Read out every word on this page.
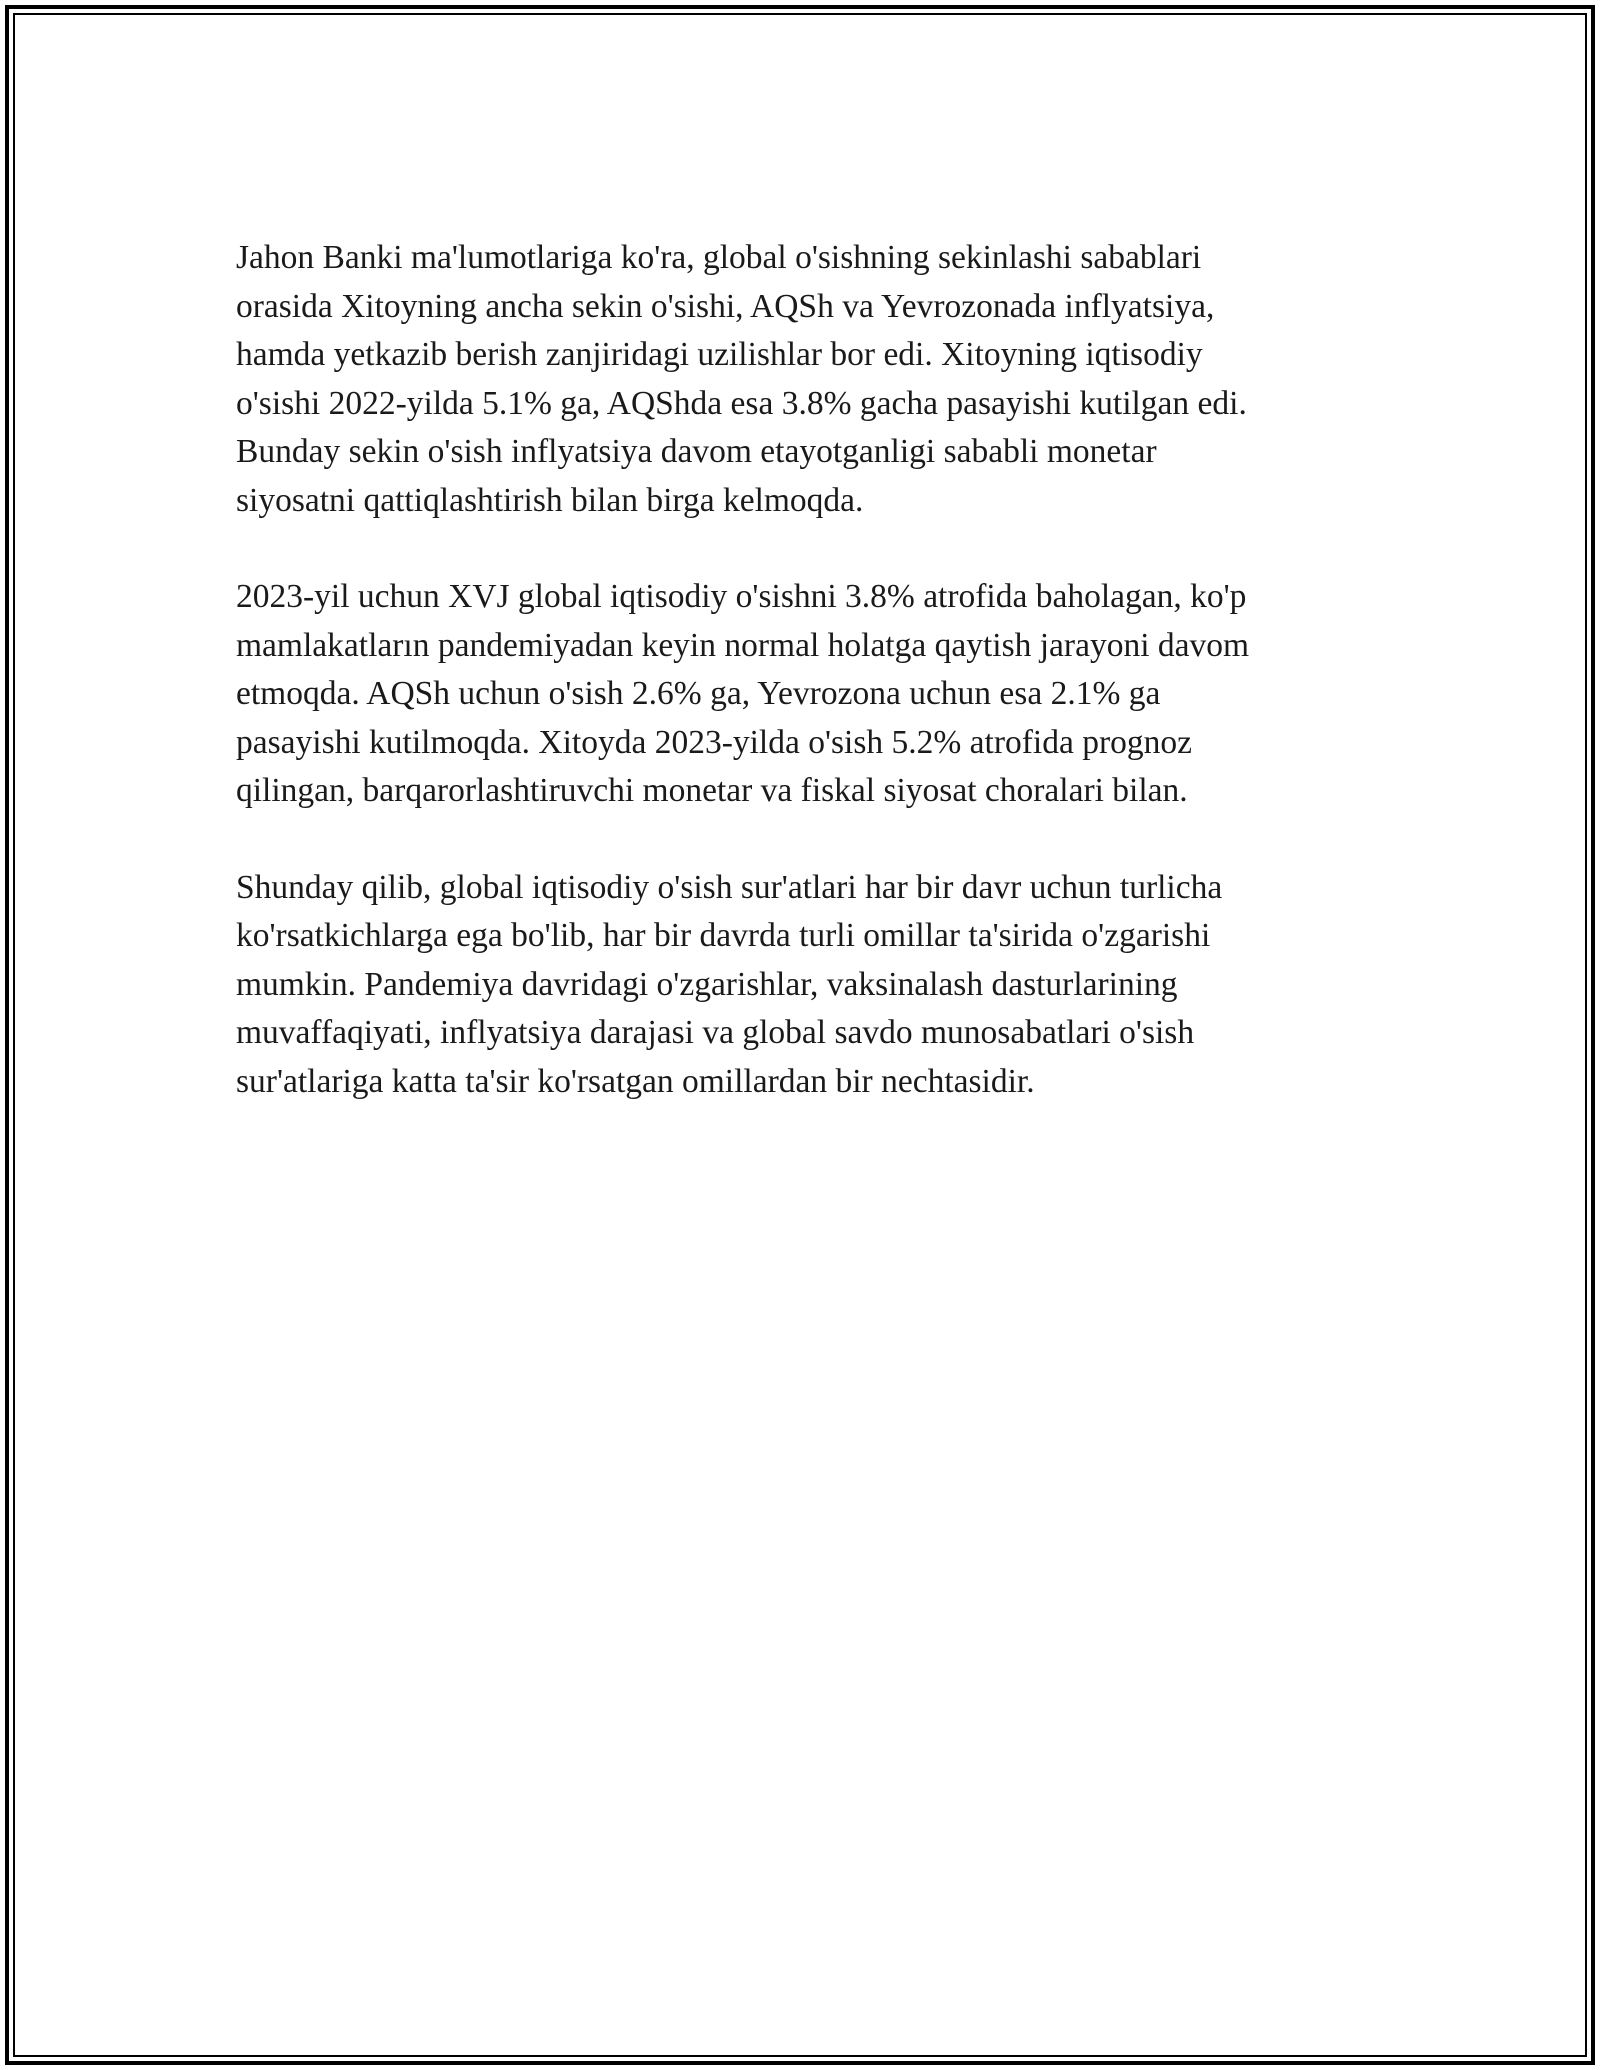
Jahon Banki ma'lumotlariga ko'ra, global o'sishning sekinlashi sabablari
orasida Xitoyning ancha sekin o'sishi, AQSh va Yevrozonada inflyatsiya,
hamda yetkazib berish zanjiridagi uzilishlar bor edi. Xitoyning iqtisodiy
o'sishi 2022-yilda 5.1% ga, AQShda esa 3.8% gacha pasayishi kutilgan edi.
Bunday sekin o'sish inflyatsiya davom etayotganligi sababli monetar
siyosatni qattiqlashtirish bilan birga kelmoqda.

2023-yil uchun XVJ global iqtisodiy o'sishni 3.8% atrofida baholagan, ko'p
mamlakatların pandemiyadan keyin normal holatga qaytish jarayoni davom
etmoqda. AQSh uchun o'sish 2.6% ga, Yevrozona uchun esa 2.1% ga
pasayishi kutilmoqda. Xitoyda 2023-yilda o'sish 5.2% atrofida prognoz
qilingan, barqarorlashtiruvchi monetar va fiskal siyosat choralari bilan.

Shunday qilib, global iqtisodiy o'sish sur'atlari har bir davr uchun turlicha
ko'rsatkichlarga ega bo'lib, har bir davrda turli omillar ta'sirida o'zgarishi
mumkin. Pandemiya davridagi o'zgarishlar, vaksinalash dasturlarining
muvaffaqiyati, inflyatsiya darajasi va global savdo munosabatlari o'sish
sur'atlariga katta ta'sir ko'rsatgan omillardan bir nechtasidir.
